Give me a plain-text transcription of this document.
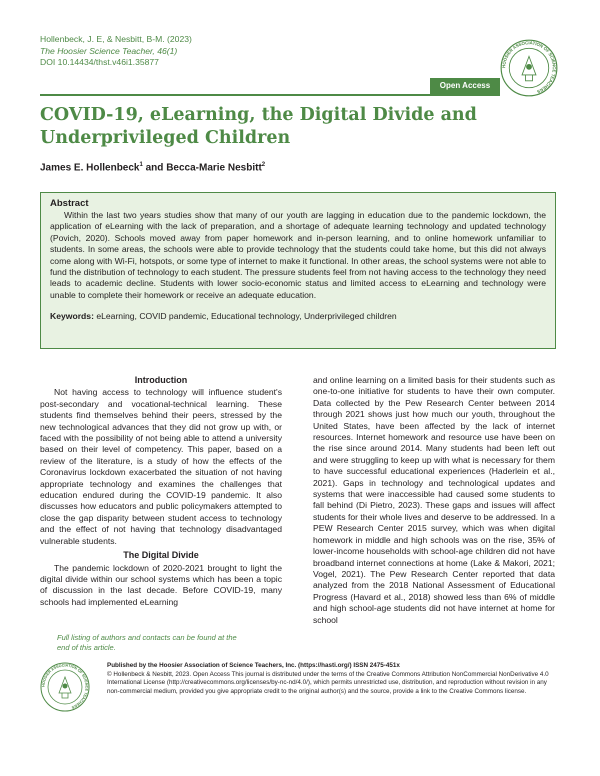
Hollenbeck, J. E, & Nesbitt, B-M. (2023)
The Hoosier Science Teacher, 46(1)
DOI 10.14434/thst.v46i1.35877	HOOSIER ASSOCIATION OF SCIENCE TEACHERS
Open Access
COVID-19, eLearning, the Digital Divide and Underprivileged Children
James E. Hollenbeck$^1$ and Becca-Marie Nesbitt$^2$
Abstract

Within the last two years studies show that many of our youth are lagging in education due to the pandemic lockdown, the application of eLearning with the lack of preparation, and a shortage of adequate learning technology and updated technology (Povich, 2020). Schools moved away from paper homework and in-person learning, and to online homework unfamiliar to students. In some areas, the schools were able to provide technology that the students could take home, but this did not always come along with Wi-Fi, hotspots, or some type of internet to make it functional. In other areas, the school systems were not able to fund the distribution of technology to each student. The pressure students feel from not having access to the technology they need leads to academic decline. Students with lower socio-economic status and limited access to eLearning and technology were unable to complete their homework or receive an adequate education.

Keywords: eLearning, COVID pandemic, Educational technology, Underprivileged children
Introduction

Not having access to technology will influence student's post-secondary and vocational-technical learning. These students find themselves behind their peers, stressed by the new technological advances that they did not grow up with, or faced with the possibility of not being able to attend a university based on their level of competency. This paper, based on a review of the literature, is a study of how the effects of the Coronavirus lockdown exacerbated the situation of not having appropriate technology and examines the challenges that education endured during the COVID-19 pandemic. It also discusses how educators and public policymakers attempted to close the gap disparity between student access to technology and the effect of not having that technology disadvantaged vulnerable students.

The Digital Divide

The pandemic lockdown of 2020-2021 brought to light the digital divide within our school systems which has been a topic of discussion in the last decade. Before COVID-19, many schools had implemented eLearning

Full listing of authors and contacts can be found at the end of this article.

and online learning on a limited basis for their students such as one-to-one initiative for students to have their own computer. Data collected by the Pew Research Center between 2014 through 2021 shows just how much our youth, throughout the United States, have been affected by the lack of internet resources. Internet homework and resource use have been on the rise since around 2014. Many students had been left out and were struggling to keep up with what is necessary for them to have successful educational experiences (Haderlein et al., 2021). Gaps in technology and technological updates and systems that were inaccessible had caused some students to fall behind (Di Pietro, 2023). These gaps and issues will affect students for their whole lives and deserve to be addressed. In a PEW Research Center 2015 survey, which was when digital homework in middle and high schools was on the rise, 35% of lower-income households with school-age children did not have broadband internet connections at home (Lake & Makori, 2021; Vogel, 2021). The Pew Research Center reported that data analyzed from the 2018 National Assessment of Educational Progress (Havard et al., 2018) showed less than 6% of middle and high school-age students did not have internet at home for school

HOOSIER ASSOCIATION OF SCIENCE TEACHERS
Published by the Hoosier Association of Science Teachers, Inc. (https://hasti.org/) ISSN 2475-451x
© Hollenbeck & Nesbitt, 2023. Open Access This journal is distributed under the terms of the Creative Commons Attribution NonCommercial NonDerivative 4.0 International License (http://creativecommons.org/licenses/by-nc-nd/4.0/), which permits unrestricted use, distribution, and reproduction without revision in any non-commercial medium, provided you give appropriate credit to the original author(s) and the source, provide a link to the Creative Commons license.
